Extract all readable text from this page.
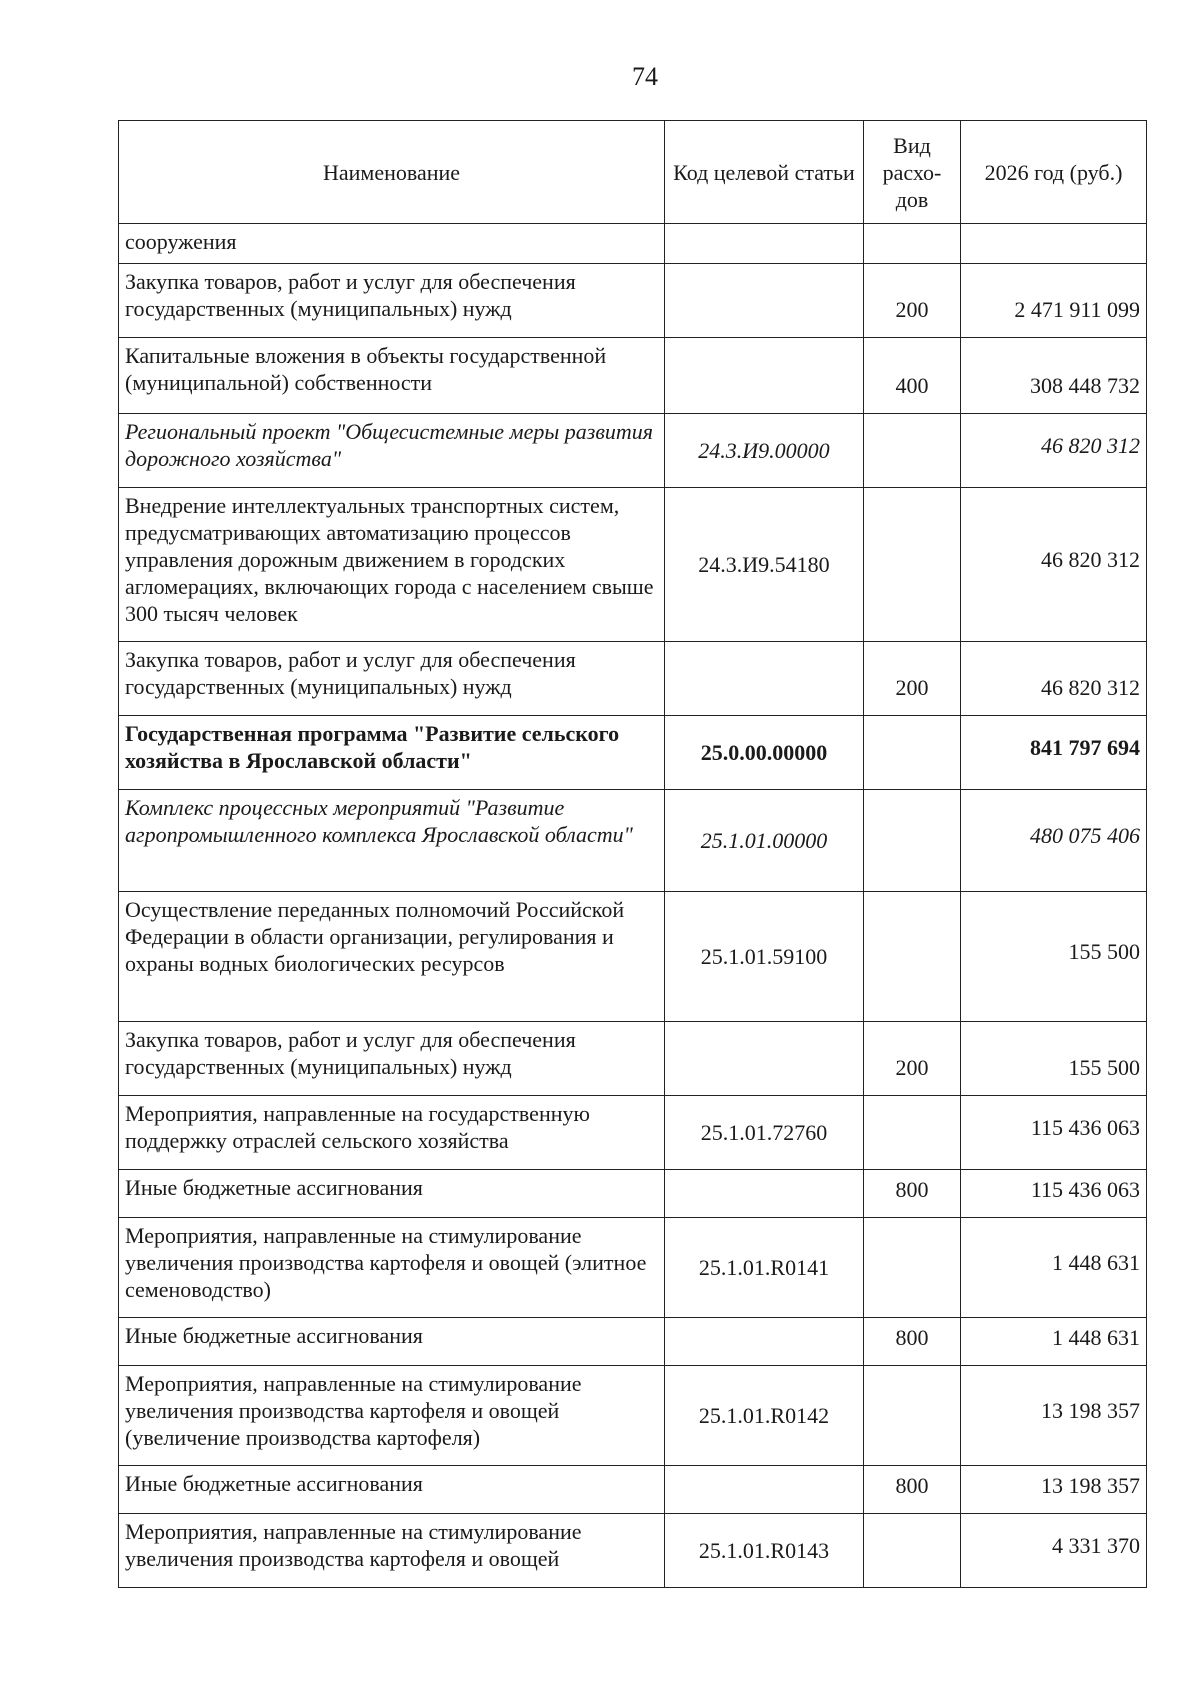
74
Наименование	Код целевой статьи	Вид расхо-дов	2026 год (руб.)
сооружения			
Закупка товаров, работ и услуг для обеспечения государственных (муниципальных) нужд		200	2 471 911 099
Капитальные вложения в объекты государственной (муниципальной) собственности		400	308 448 732
Региональный проект "Общесистемные меры развития дорожного хозяйства"	24.3.И9.00000		46 820 312
Внедрение интеллектуальных транспортных систем, предусматривающих автоматизацию процессов управления дорожным движением в городских агломерациях, включающих города с населением свыше 300 тысяч человек	24.3.И9.54180		46 820 312
Закупка товаров, работ и услуг для обеспечения государственных (муниципальных) нужд		200	46 820 312
Государственная программа "Развитие сельского хозяйства в Ярославской области"	25.0.00.00000		841 797 694
Комплекс процессных мероприятий "Развитие агропромышленного комплекса Ярославской области"	25.1.01.00000		480 075 406
Осуществление переданных полномочий Российской Федерации в области организации, регулирования и охраны водных биологических ресурсов	25.1.01.59100		155 500
Закупка товаров, работ и услуг для обеспечения государственных (муниципальных) нужд		200	155 500
Мероприятия, направленные на государственную поддержку отраслей сельского хозяйства	25.1.01.72760		115 436 063
Иные бюджетные ассигнования		800	115 436 063
Мероприятия, направленные на стимулирование увеличения производства картофеля и овощей (элитное семеноводство)	25.1.01.R0141		1 448 631
Иные бюджетные ассигнования		800	1 448 631
Мероприятия, направленные на стимулирование увеличения производства картофеля и овощей (увеличение производства картофеля)	25.1.01.R0142		13 198 357
Иные бюджетные ассигнования		800	13 198 357
Мероприятия, направленные на стимулирование увеличения производства картофеля и овощей	25.1.01.R0143		4 331 370
